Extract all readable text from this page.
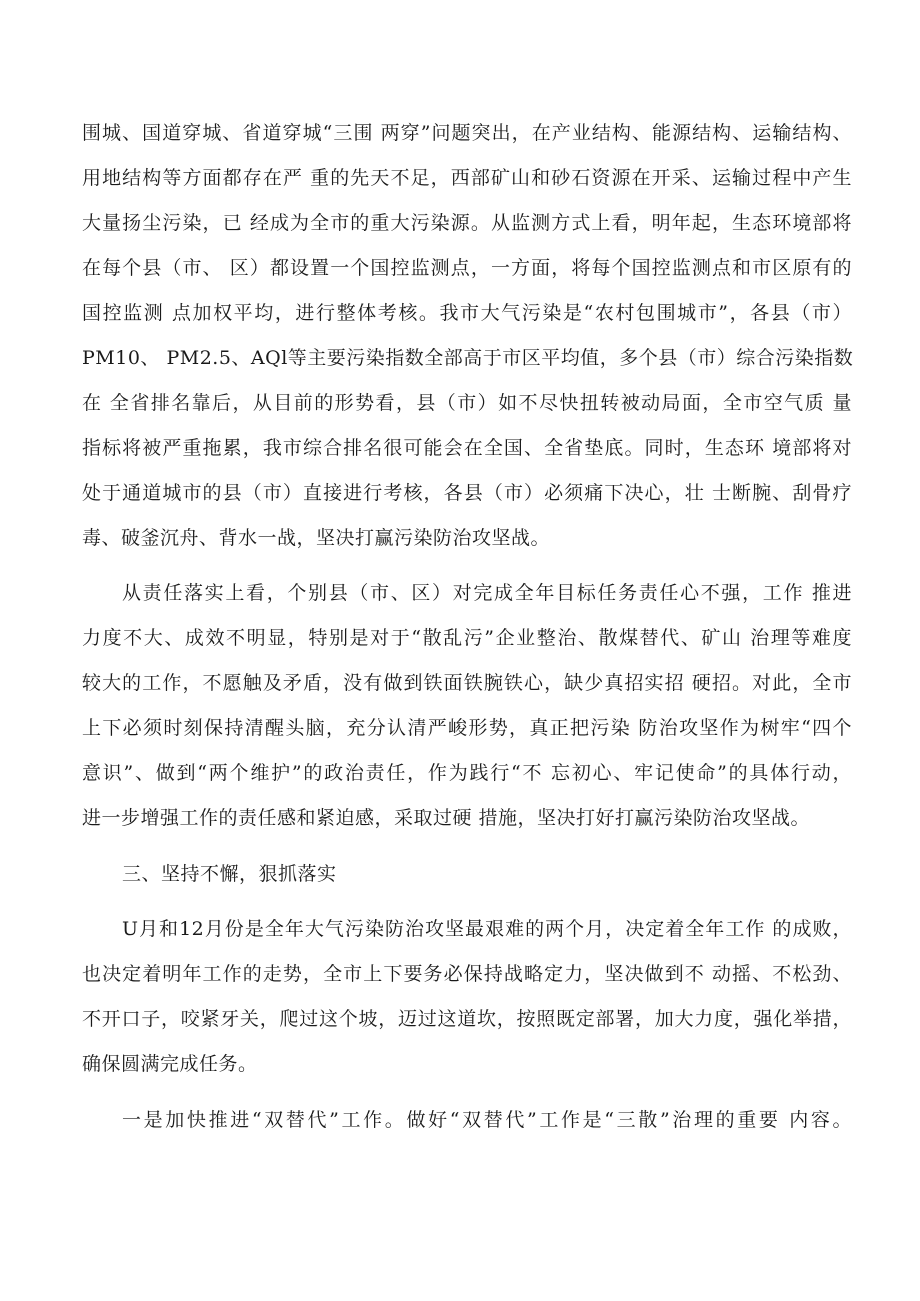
围城、国道穿城、省道穿城“三围 两穿”问题突出，在产业结构、能源结构、运输结构、
用地结构等方面都存在严 重的先天不足，西部矿山和砂石资源在开采、运输过程中产生
大量扬尘污染，已 经成为全市的重大污染源。从监测方式上看，明年起，生态环境部将
在每个县（市、 区）都设置一个国控监测点，一方面，将每个国控监测点和市区原有的
国控监测 点加权平均，进行整体考核。我市大气污染是“农村包围城市”，各县（市）
PM10、 PM2.5、AQl等主要污染指数全部高于市区平均值，多个县（市）综合污染指数
在 全省排名靠后，从目前的形势看，县（市）如不尽快扭转被动局面，全市空气质 量
指标将被严重拖累，我市综合排名很可能会在全国、全省垫底。同时，生态环 境部将对
处于通道城市的县（市）直接进行考核，各县（市）必须痛下决心，壮 士断腕、刮骨疗
毒、破釜沉舟、背水一战，坚决打赢污染防治攻坚战。
从责任落实上看，个别县（市、区）对完成全年目标任务责任心不强，工作 推进
力度不大、成效不明显，特别是对于“散乱污”企业整治、散煤替代、矿山 治理等难度
较大的工作，不愿触及矛盾，没有做到铁面铁腕铁心，缺少真招实招 硬招。对此，全市
上下必须时刻保持清醒头脑，充分认清严峻形势，真正把污染 防治攻坚作为树牢“四个
意识”、做到“两个维护”的政治责任，作为践行“不 忘初心、牢记使命”的具体行动，
进一步增强工作的责任感和紧迫感，采取过硬 措施，坚决打好打赢污染防治攻坚战。
三、坚持不懈，狠抓落实
U月和12月份是全年大气污染防治攻坚最艰难的两个月，决定着全年工作 的成败，
也决定着明年工作的走势，全市上下要务必保持战略定力，坚决做到不 动摇、不松劲、
不开口子，咬紧牙关，爬过这个坡，迈过这道坎，按照既定部署，加大力度，强化举措，
确保圆满完成任务。
一是加快推进“双替代”工作。做好“双替代”工作是“三散”治理的重要 内容。
